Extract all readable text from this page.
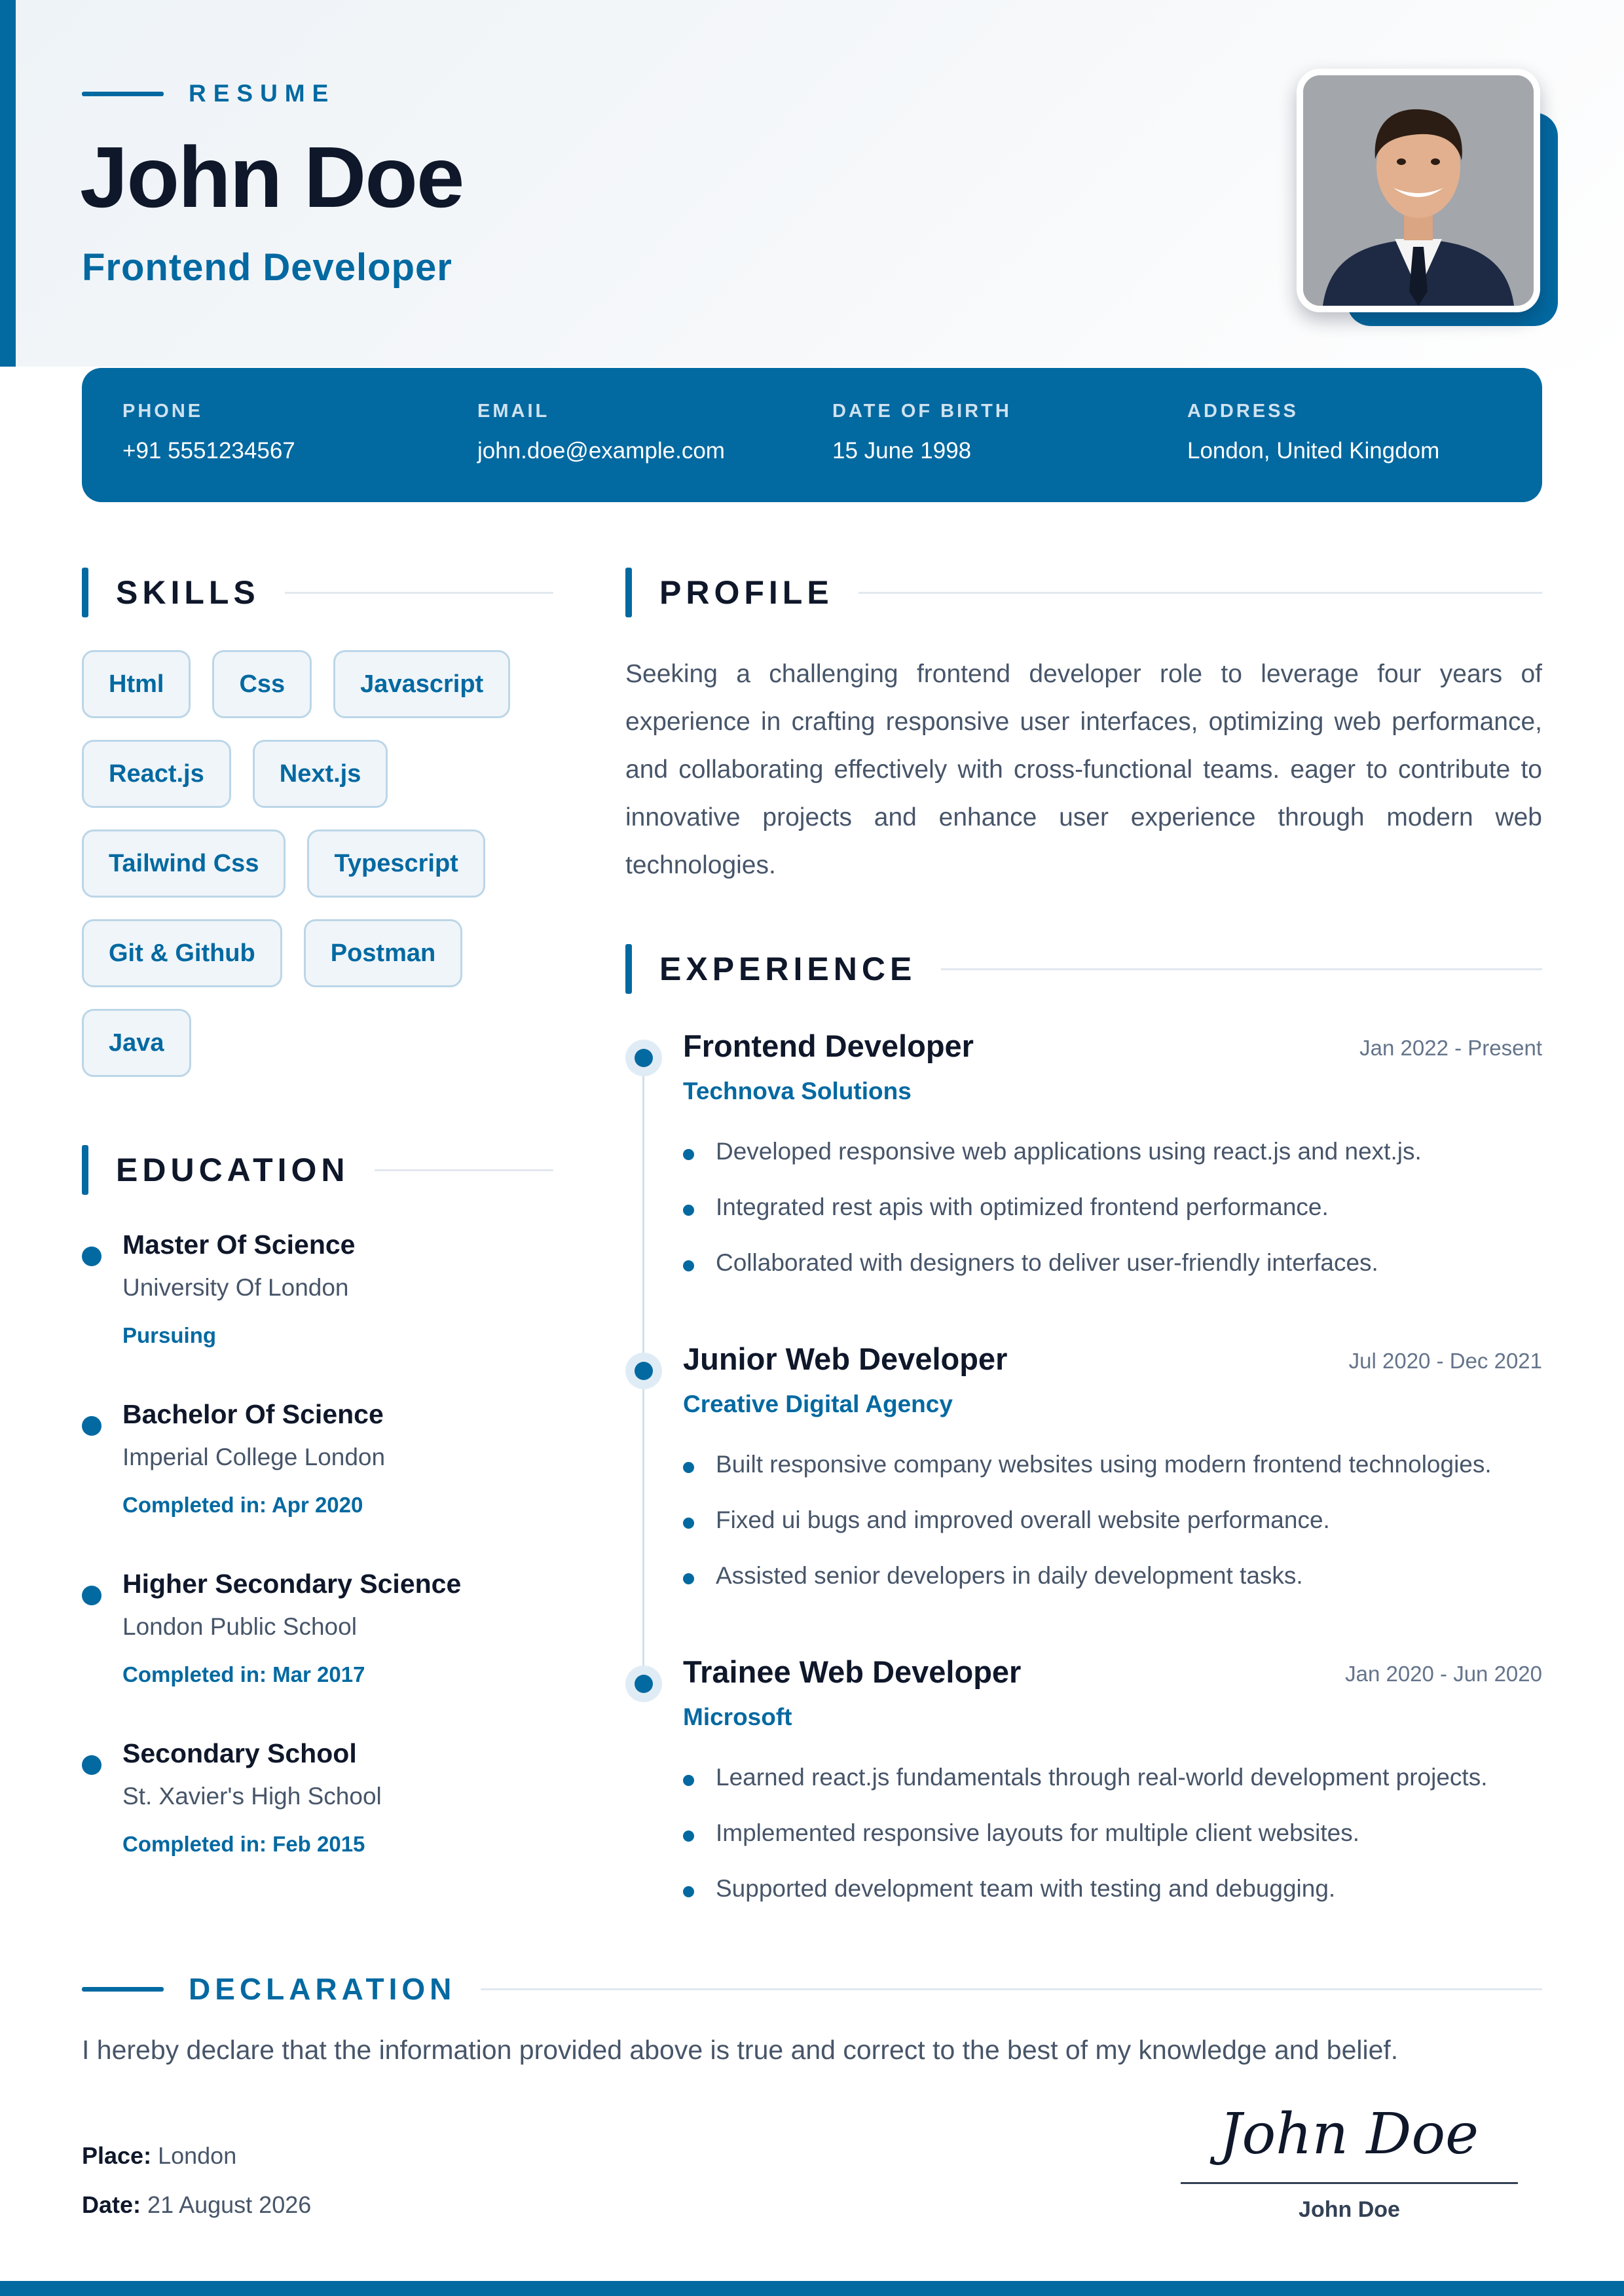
RESUME
John Doe
Frontend Developer
PHONE
+91 5551234567
EMAIL
john.doe@example.com
DATE OF BIRTH
15 June 1998
ADDRESS
London, United Kingdom
SKILLS
Html	Css	Javascript
React.js	Next.js
Tailwind Css	Typescript
Git & Github	Postman
Java
EDUCATION
Master Of Science
University Of London
Pursuing
Bachelor Of Science
Imperial College London
Completed in: Apr 2020
Higher Secondary Science
London Public School
Completed in: Mar 2017
Secondary School
St. Xavier's High School
Completed in: Feb 2015
PROFILE
Seeking a challenging frontend developer role to leverage four years of experience in crafting responsive user interfaces, optimizing web performance, and collaborating effectively with cross-functional teams. eager to contribute to innovative projects and enhance user experience through modern web technologies.
EXPERIENCE
Frontend Developer	Jan 2022 - Present
Technova Solutions
Developed responsive web applications using react.js and next.js.
Integrated rest apis with optimized frontend performance.
Collaborated with designers to deliver user-friendly interfaces.
Junior Web Developer	Jul 2020 - Dec 2021
Creative Digital Agency
Built responsive company websites using modern frontend technologies.
Fixed ui bugs and improved overall website performance.
Assisted senior developers in daily development tasks.
Trainee Web Developer	Jan 2020 - Jun 2020
Microsoft
Learned react.js fundamentals through real-world development projects.
Implemented responsive layouts for multiple client websites.
Supported development team with testing and debugging.
DECLARATION
I hereby declare that the information provided above is true and correct to the best of my knowledge and belief.
Place: London
Date: 21 August 2026
John Doe
John Doe
